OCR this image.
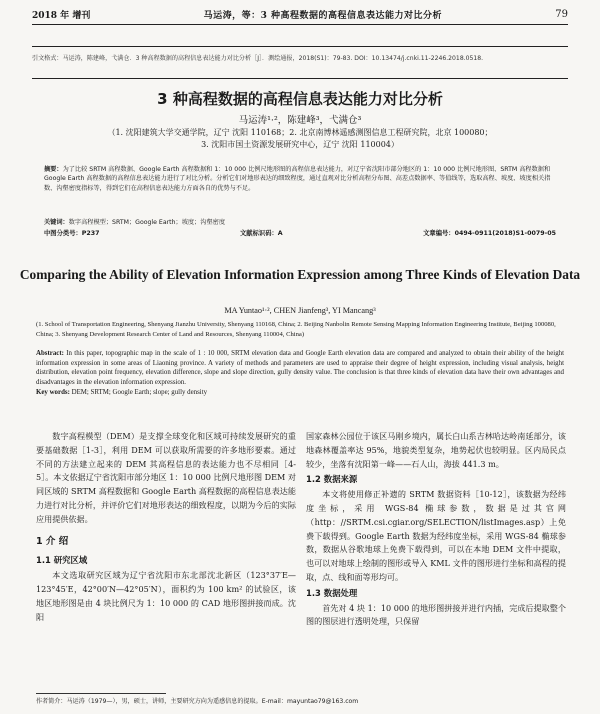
2018 年 增刊	马运涛，等：3 种高程数据的高程信息表达能力对比分析	79
引文格式：马运涛，陈建峰，弋满仓．3 种高程数据的高程信息表达能力对比分析［J］．测绘通报，2018(S1)：79-83. DOI：10.13474/j.cnki.11-2246.2018.0518.
3 种高程数据的高程信息表达能力对比分析
马运涛¹·²，陈建峰³，弋满仓³
（1. 沈阳建筑大学交通学院，辽宁 沈阳 110168；2. 北京南博林遥感测图信息工程研究院，北京 100080；
3. 沈阳市国土资源发展研究中心，辽宁 沈阳 110004）
摘要：为了比较 SRTM 高程数据、Google Earth 高程数据和 1：10 000 比例尺地形图的高程信息表达能力，对辽宁省沈阳市部分地区的 1：10 000 比例尺地形图、SRTM 高程数据和 Google Earth 高程数据的高程信息表达能力进行了对比分析。分析它们对地形表达的细致程度，通过直观对比分析高程分布图、高差点数据率、等值线等，选取高程、坡度、坡度相关指数、沟壑密度指标等，得到它们在高程信息表达能力方面各自的优势与不足。
关键词：数字高程模型；SRTM；Google Earth；坡度；沟壑密度
中图分类号：P237	文献标识码：A	文章编号：0494-0911(2018)S1-0079-05
Comparing the Ability of Elevation Information Expression among Three Kinds of Elevation Data
MA Yuntao¹·², CHEN Jianfeng³, YI Mancang³
(1. School of Transportation Engineering, Shenyang Jianzhu University, Shenyang 110168, China; 2. Beijing Nanbolin Remote Sensing Mapping Information Engineering Institute, Beijing 100080, China; 3. Shenyang Development Research Center of Land and Resources, Shenyang 110004, China)
Abstract: In this paper, topographic map in the scale of 1 : 10 000, SRTM elevation data and Google Earth elevation data are compared and analyzed to obtain their ability of the height information expression in some areas of Liaoning province. A variety of methods and parameters are used to appraise their degree of height expression, including visual analysis, height distribution, elevation point frequency, elevation difference, slope and slope direction, gully density value. The conclusion is that three kinds of elevation data have their own advantages and disadvantages in the elevation information expression.
Key words: DEM; SRTM; Google Earth; slope; gully density

数字高程模型（DEM）是支撑全球变化和区域可持续发展研究的重要基础数据［1-3］，利用 DEM 可以获取所需要的许多地形要素。通过不同的方法建立起来的 DEM 其高程信息的表达能力也不尽相同［4-5］。本文依据辽宁省沈阳市部分地区 1：10 000 比例尺地形图 DEM 对同区域的 SRTM 高程数据和 Google Earth 高程数据的高程信息表达能力进行对比分析，并评价它们对地形表达的细致程度，以期为今后的实际应用提供依据。

1 介 绍
1.1 研究区域

本文选取研究区域为辽宁省沈阳市东北部沈北新区（123°37′E—123°45′E，42°00′N—42°05′N），面积约为 100 km² 的试验区，该地区地形图是由 4 块比例尺为 1：10 000 的 CAD 地形图拼接而成。沈阳

国家森林公园位于该区马刚乡境内，属长白山系吉林哈达岭南延部分，该地森林覆盖率达 95%，地貌类型复杂，地势起伏也较明显。区内局民点较少，坐落有沈阳第一峰——石人山，海拔 441.3 m。

1.2 数据来源

本文将使用修正补遗的 SRTM 数据资料［10-12］，该数据为经纬度坐标，采用 WGS-84 椭球参数，数据是过其官网（http：//SRTM.csi.cgiar.org/SELECTION/listImages.asp）上免费下载得到。Google Earth 数据为经纬度坐标，采用 WGS-84 椭球参数，数据从谷歌地球上免费下载得到，可以在本地 DEM 文件中提取，也可以对地球上绘制的图形或导入 KML 文件的图形进行坐标和高程的提取，点、线和面等形均可。

1.3 数据处理

首先对 4 块 1：10 000 的地形图拼接并进行内插，完成后提取整个图的图层进行透明处理，只保留

作者简介：马运涛（1979—），男，硕士，讲师，主要研究方向为遥感信息的提取。E-mail：mayuntao79@163.com
